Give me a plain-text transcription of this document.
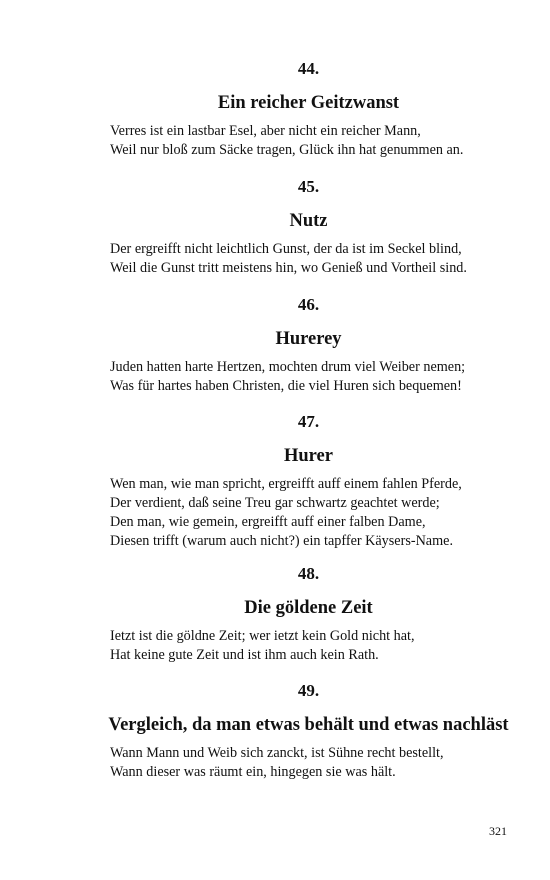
44.
Ein reicher Geitzwanst
Verres ist ein lastbar Esel, aber nicht ein reicher Mann,
Weil nur bloß zum Säcke tragen, Glück ihn hat genummen an.
45.
Nutz
Der ergreifft nicht leichtlich Gunst, der da ist im Seckel blind,
Weil die Gunst tritt meistens hin, wo Genieß und Vortheil sind.
46.
Hurerey
Juden hatten harte Hertzen, mochten drum viel Weiber nemen;
Was für hartes haben Christen, die viel Huren sich bequemen!
47.
Hurer
Wen man, wie man spricht, ergreifft auff einem fahlen Pferde,
Der verdient, daß seine Treu gar schwartz geachtet werde;
Den man, wie gemein, ergreifft auff einer falben Dame,
Diesen trifft (warum auch nicht?) ein tapffer Käysers-Name.
48.
Die göldene Zeit
Ietzt ist die göldne Zeit; wer ietzt kein Gold nicht hat,
Hat keine gute Zeit und ist ihm auch kein Rath.
49.
Vergleich, da man etwas behält und etwas nachläst
Wann Mann und Weib sich zanckt, ist Sühne recht bestellt,
Wann dieser was räumt ein, hingegen sie was hält.
321
